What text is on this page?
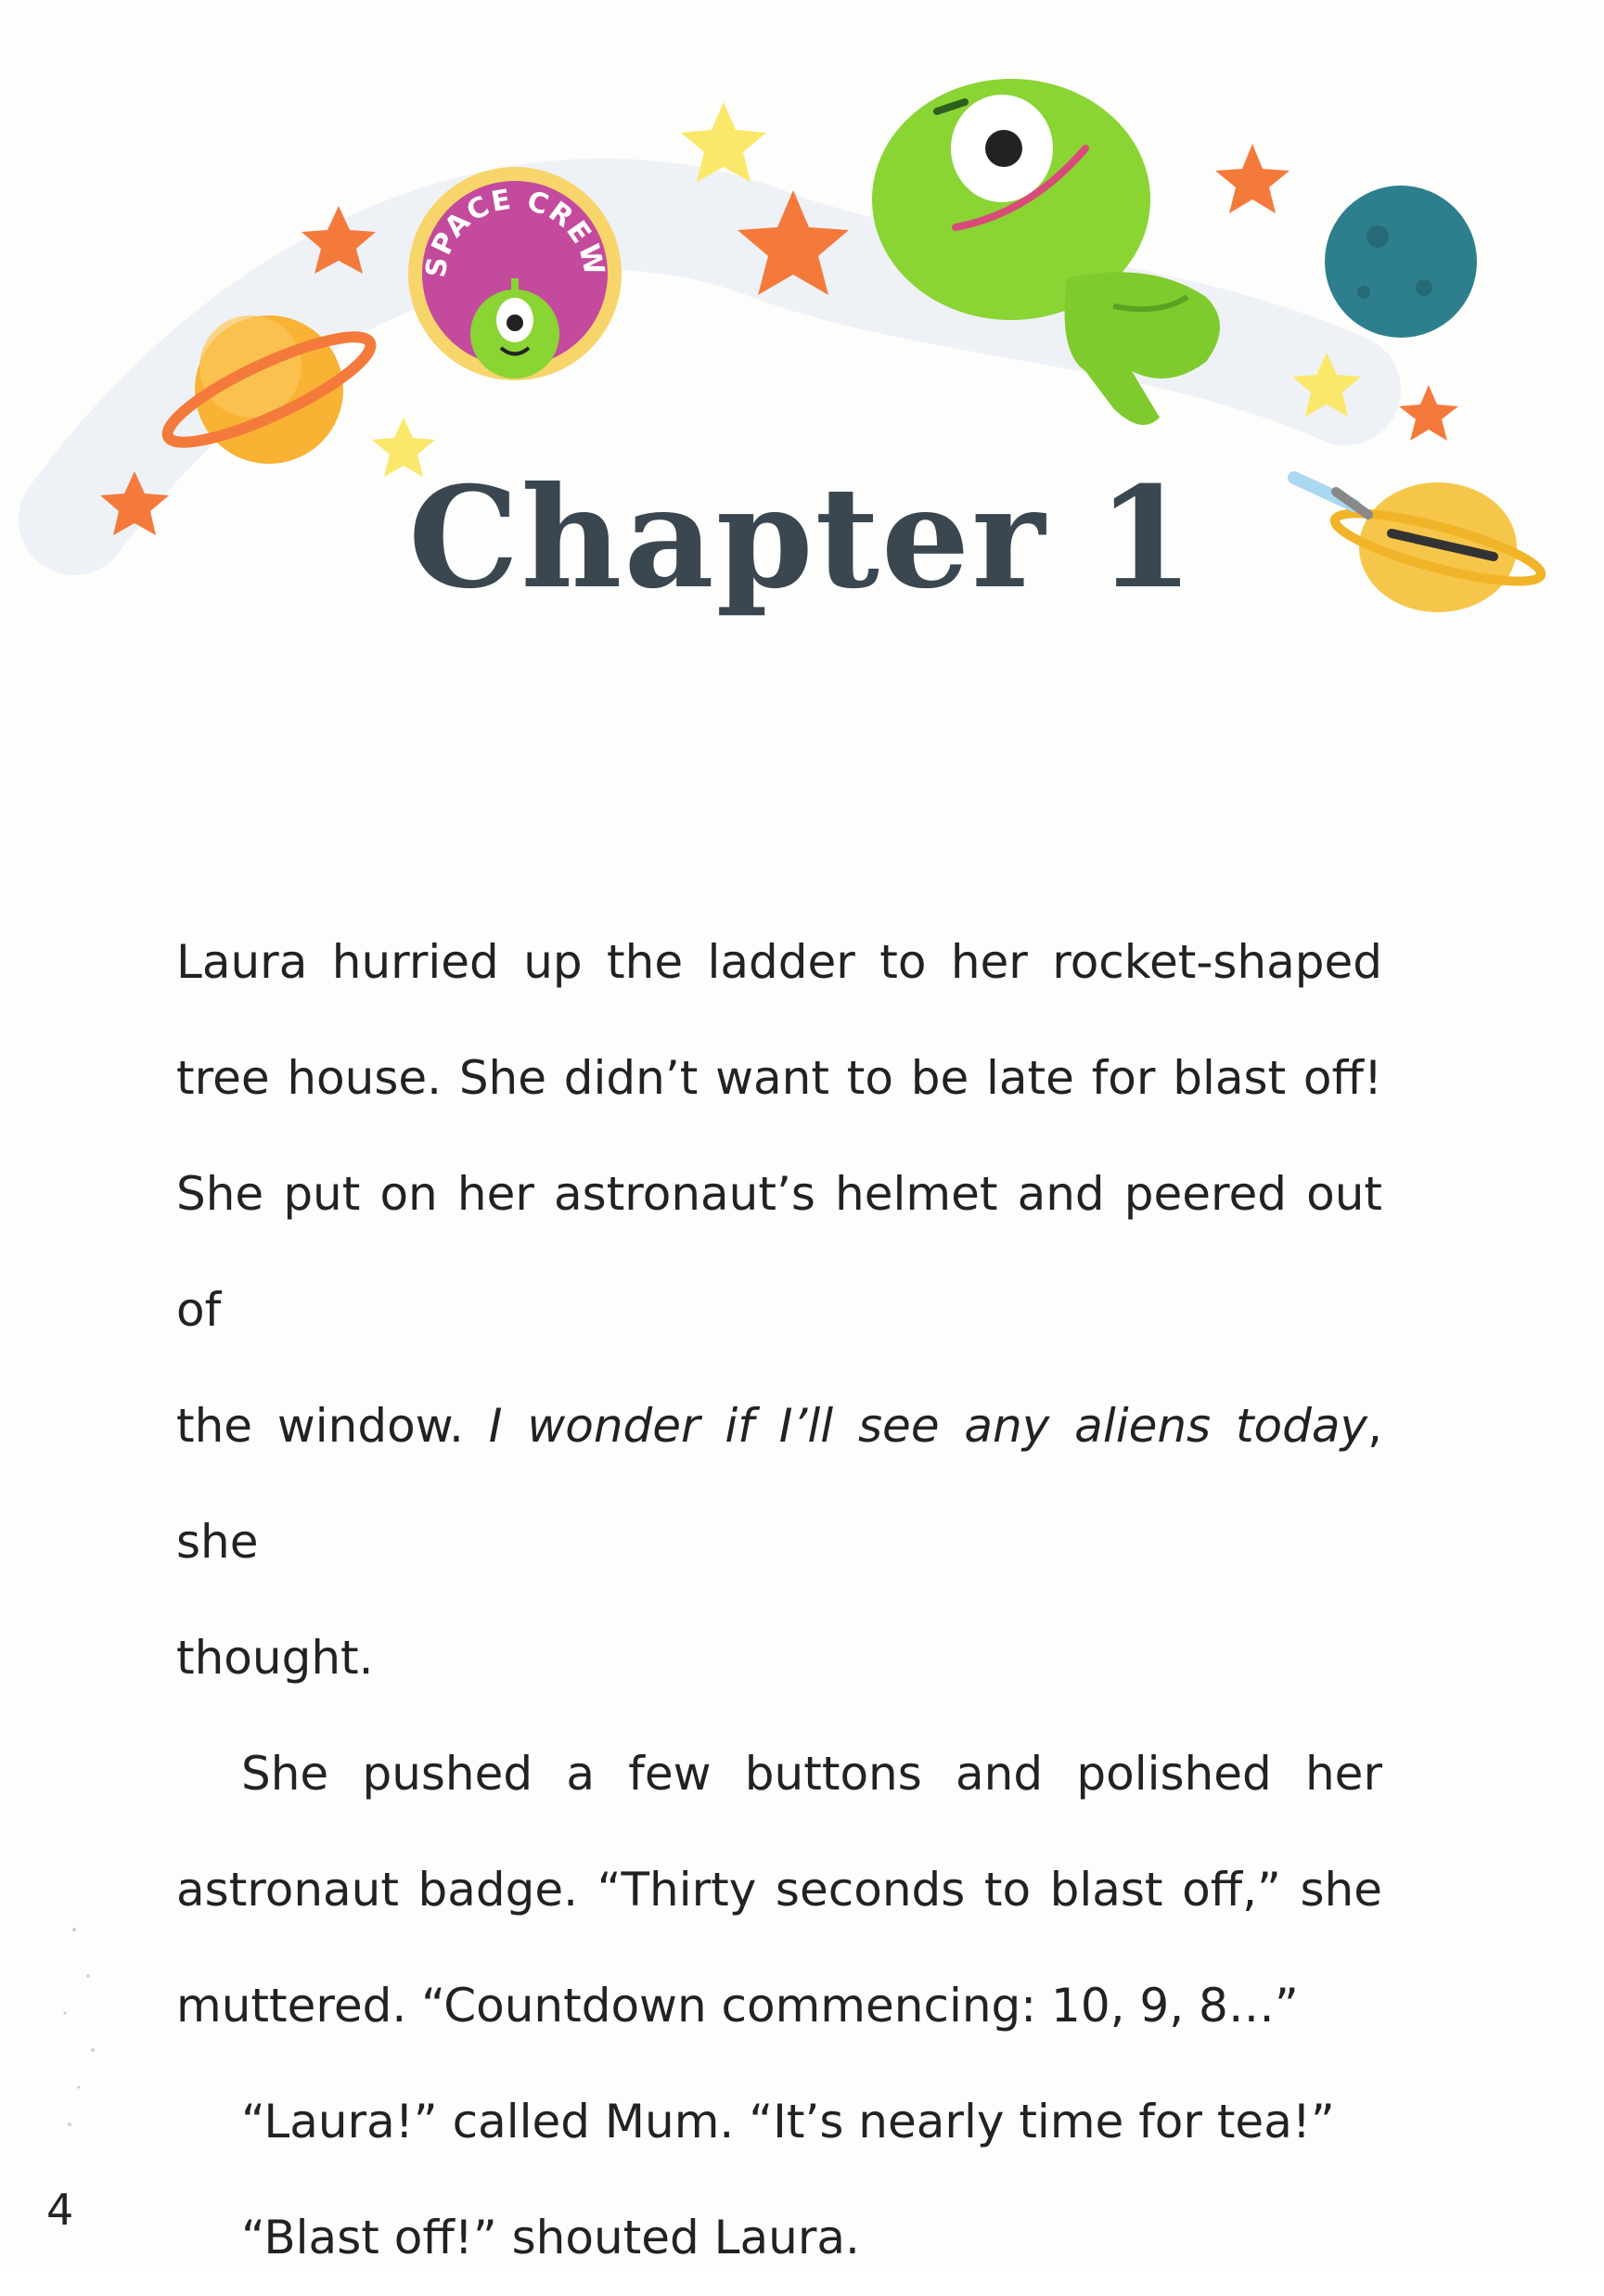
SPACE CREW
Chapter 1

Laura hurried up the ladder to her rocket-shaped

tree house. She didn’t want to be late for blast off!

She put on her astronaut’s helmet and peered out of

the window. I wonder if I’ll see any aliens today, she

thought.

She pushed a few buttons and polished her

astronaut badge. “Thirty seconds to blast off,” she

muttered. “Countdown commencing: 10, 9, 8…”

“Laura!” called Mum. “It’s nearly time for tea!”

“Blast off!” shouted Laura.

4
